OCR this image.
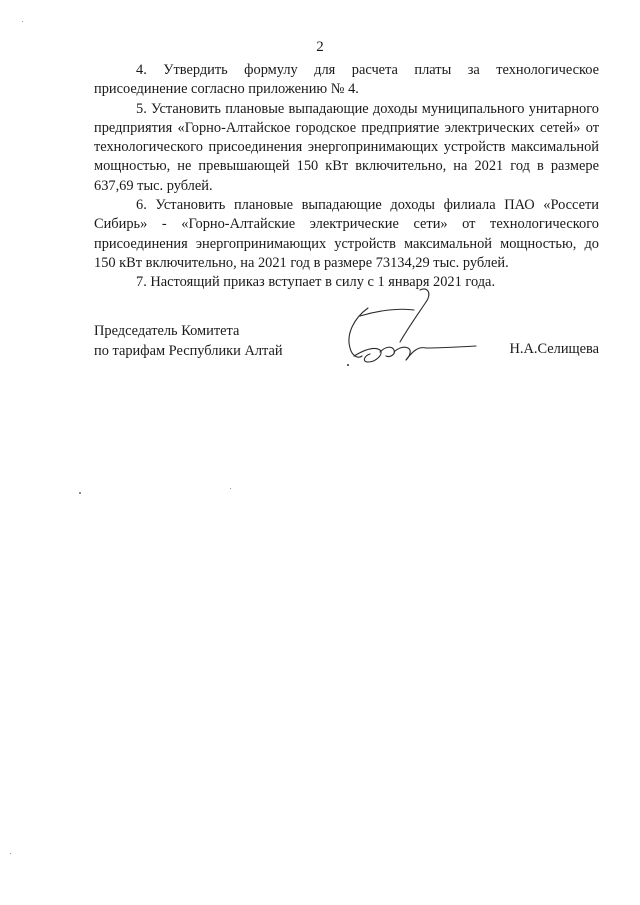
2

4. Утвердить формулу для расчета платы за технологическое присоединение согласно приложению № 4.

5. Установить плановые выпадающие доходы муниципального унитарного предприятия «Горно-Алтайское городское предприятие электрических сетей» от технологического присоединения энергопринимающих устройств максимальной мощностью, не превышающей 150 кВт включительно, на 2021 год в размере 637,69 тыс. рублей.

6. Установить плановые выпадающие доходы филиала ПАО «Россети Сибирь» - «Горно-Алтайские электрические сети» от технологического присоединения энергопринимающих устройств максимальной мощностью, до 150 кВт включительно, на 2021 год в размере 73134,29 тыс. рублей.

7. Настоящий приказ вступает в силу с 1 января 2021 года.

Председатель Комитета
по тарифам Республики Алтай	Н.А.Селищева
